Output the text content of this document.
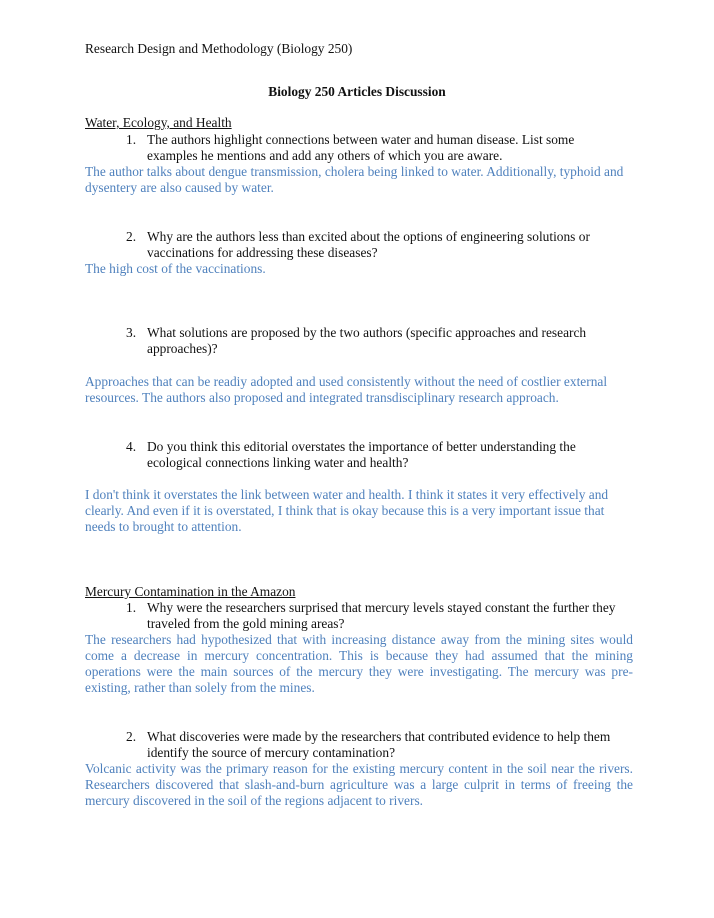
Research Design and Methodology (Biology 250)
Biology 250 Articles Discussion
Water, Ecology, and Health
1. The authors highlight connections between water and human disease. List some examples he mentions and add any others of which you are aware.
The author talks about dengue transmission, cholera being linked to water. Additionally, typhoid and dysentery are also caused by water.
2. Why are the authors less than excited about the options of engineering solutions or vaccinations for addressing these diseases?
The high cost of the vaccinations.
3. What solutions are proposed by the two authors (specific approaches and research approaches)?
Approaches that can be readiy adopted and used consistently without the need of costlier external resources. The authors also proposed and integrated transdisciplinary research approach.
4. Do you think this editorial overstates the importance of better understanding the ecological connections linking water and health?
I don't think it overstates the link between water and health. I think it states it very effectively and clearly. And even if it is overstated, I think that is okay because this is a very important issue that needs to brought to attention.
Mercury Contamination in the Amazon
1. Why were the researchers surprised that mercury levels stayed constant the further they traveled from the gold mining areas?
The researchers had hypothesized that with increasing distance away from the mining sites would come a decrease in mercury concentration. This is because they had assumed that the mining operations were the main sources of the mercury they were investigating. The mercury was pre-existing, rather than solely from the mines.
2. What discoveries were made by the researchers that contributed evidence to help them identify the source of mercury contamination?
Volcanic activity was the primary reason for the existing mercury content in the soil near the rivers. Researchers discovered that slash-and-burn agriculture was a large culprit in terms of freeing the mercury discovered in the soil of the regions adjacent to rivers.
